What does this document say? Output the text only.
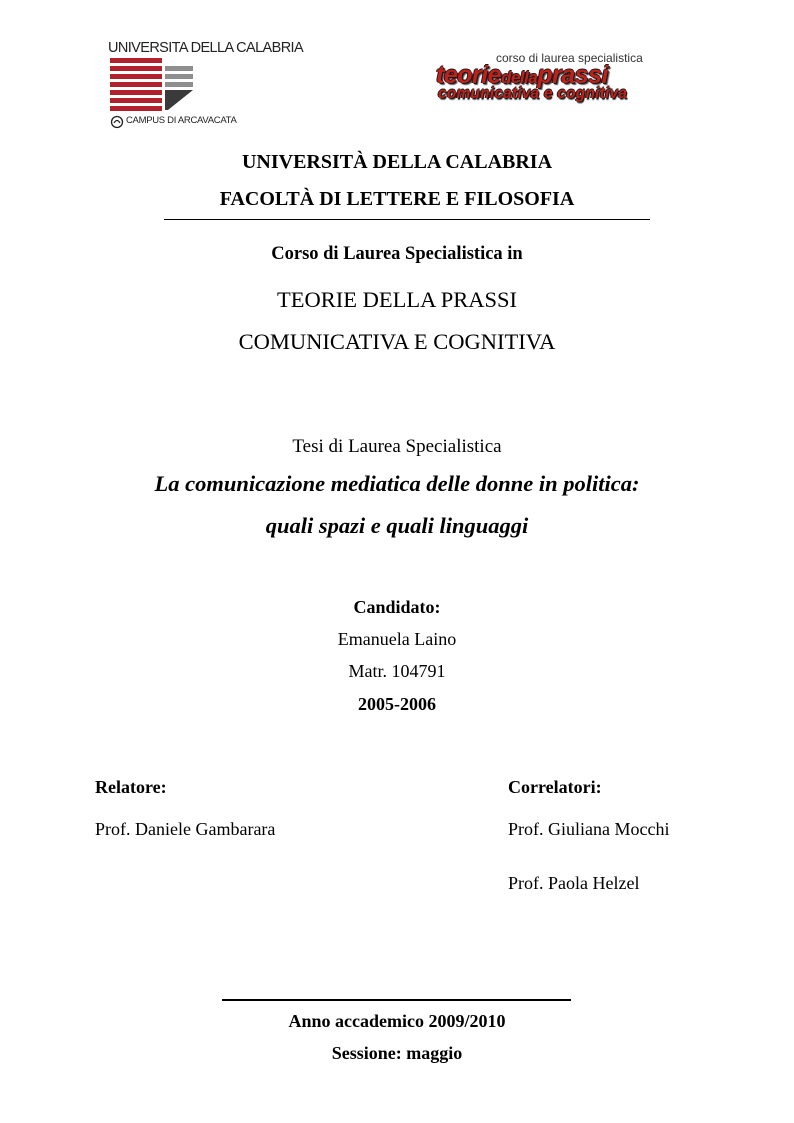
UNIVERSITA DELLA CALABRIA
CAMPUS DI ARCAVACATA
corso di laurea specialistica
teoriedellaprassi
comunicativa e cognitiva
UNIVERSITÀ DELLA CALABRIA
FACOLTÀ DI LETTERE E FILOSOFIA
Corso di Laurea Specialistica in
TEORIE DELLA PRASSI
COMUNICATIVA E COGNITIVA
Tesi di Laurea Specialistica
La comunicazione mediatica delle donne in politica:
quali spazi e quali linguaggi
Candidato:
Emanuela Laino
Matr. 104791
2005-2006
Relatore:
Prof. Daniele Gambarara
Correlatori:
Prof. Giuliana Mocchi
Prof. Paola Helzel
Anno accademico 2009/2010
Sessione: maggio
